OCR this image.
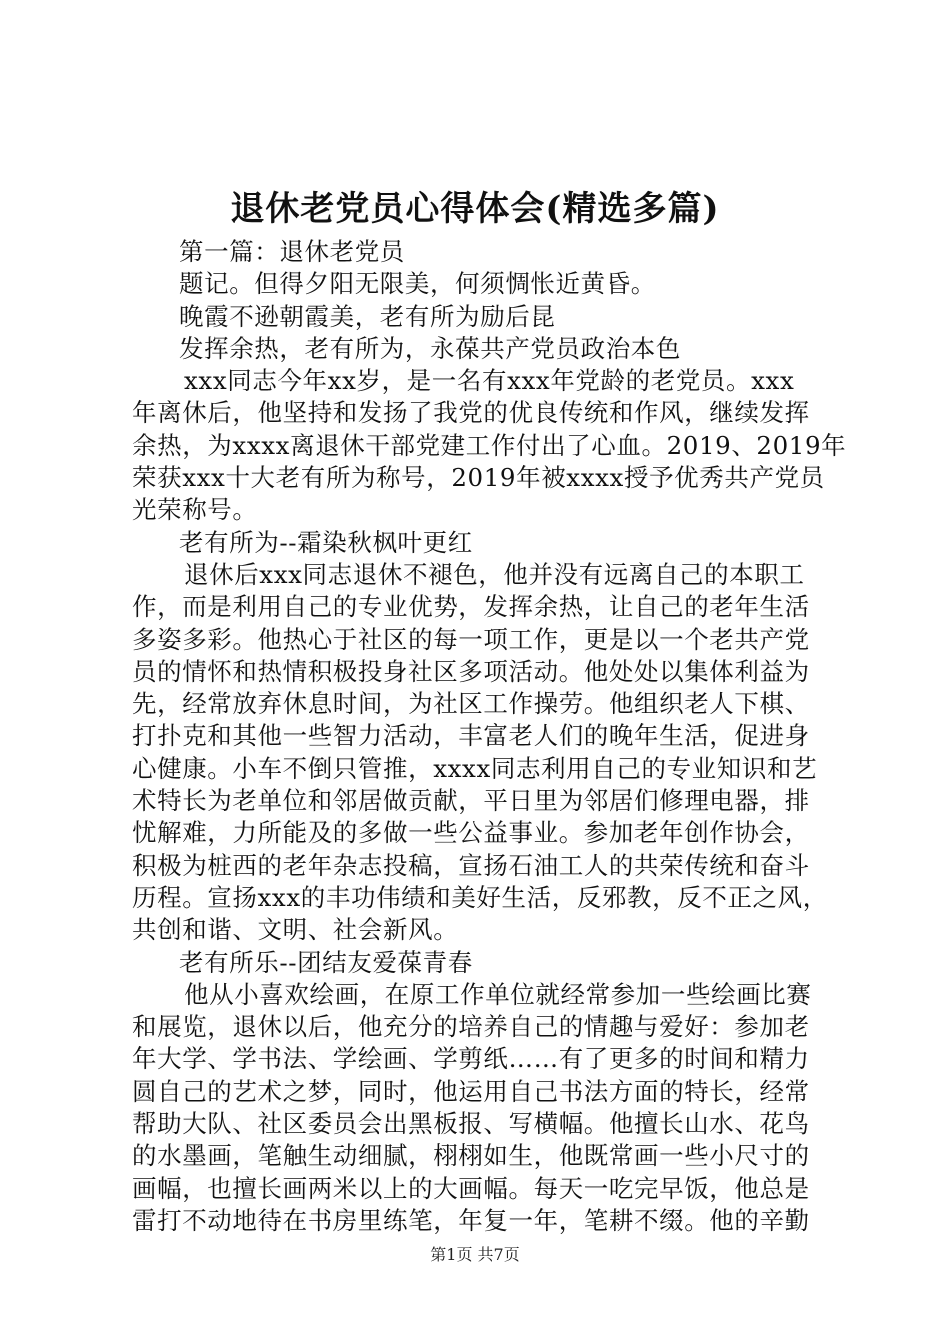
退休老党员心得体会(精选多篇)
第一篇：退休老党员
题记。但得夕阳无限美，何须惆怅近黄昏。
晚霞不逊朝霞美，老有所为励后昆
发挥余热，老有所为，永葆共产党员政治本色
xxx同志今年xx岁，是一名有xxx年党龄的老党员。xxx
年离休后，他坚持和发扬了我党的优良传统和作风，继续发挥
余热，为xxxx离退休干部党建工作付出了心血。2019、2019年
荣获xxx十大老有所为称号，2019年被xxxx授予优秀共产党员
光荣称号。
老有所为--霜染秋枫叶更红
退休后xxx同志退休不褪色，他并没有远离自己的本职工
作，而是利用自己的专业优势，发挥余热，让自己的老年生活
多姿多彩。他热心于社区的每一项工作，更是以一个老共产党
员的情怀和热情积极投身社区多项活动。他处处以集体利益为
先，经常放弃休息时间，为社区工作操劳。他组织老人下棋、
打扑克和其他一些智力活动，丰富老人们的晚年生活，促进身
心健康。小车不倒只管推，xxxx同志利用自己的专业知识和艺
术特长为老单位和邻居做贡献，平日里为邻居们修理电器，排
忧解难，力所能及的多做一些公益事业。参加老年创作协会，
积极为桩西的老年杂志投稿，宣扬石油工人的共荣传统和奋斗
历程。宣扬xxx的丰功伟绩和美好生活，反邪教，反不正之风，
共创和谐、文明、社会新风。
老有所乐--团结友爱葆青春
他从小喜欢绘画，在原工作单位就经常参加一些绘画比赛
和展览，退休以后，他充分的培养自己的情趣与爱好：参加老
年大学、学书法、学绘画、学剪纸……有了更多的时间和精力
圆自己的艺术之梦，同时，他运用自己书法方面的特长，经常
帮助大队、社区委员会出黑板报、写横幅。他擅长山水、花鸟
的水墨画，笔触生动细腻，栩栩如生，他既常画一些小尺寸的
画幅，也擅长画两米以上的大画幅。每天一吃完早饭，他总是
雷打不动地待在书房里练笔，年复一年，笔耕不缀。他的辛勤
第1页 共7页
